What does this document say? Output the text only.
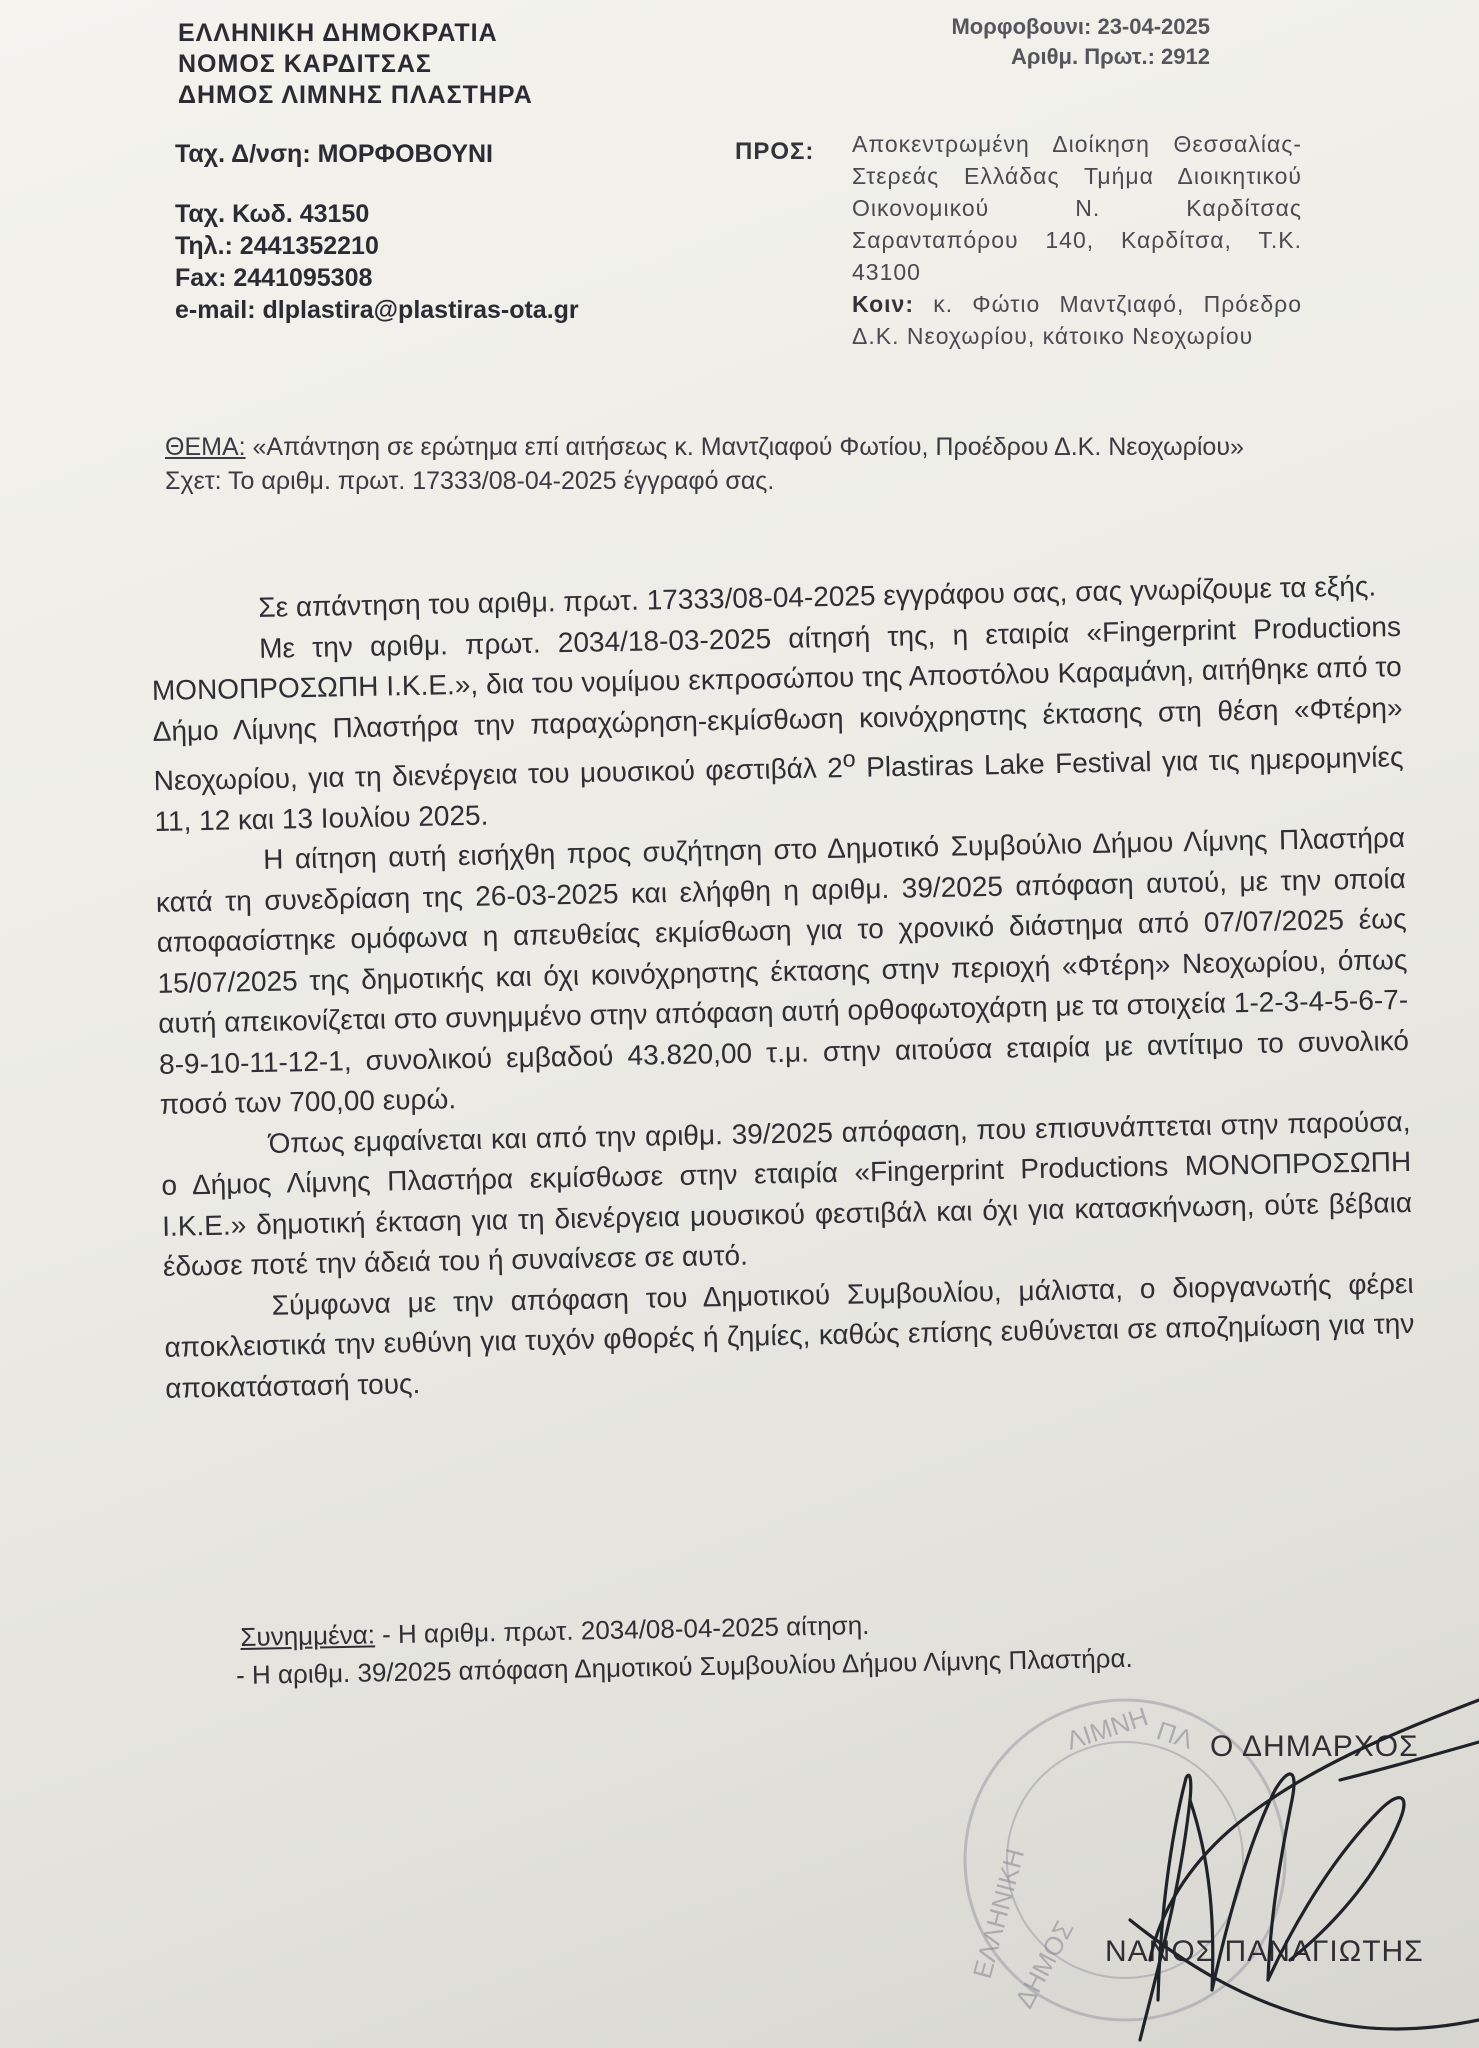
ΕΛΛΗΝΙΚΗ ΔΗΜΟΚΡΑΤΙΑ
ΝΟΜΟΣ ΚΑΡΔΙΤΣΑΣ
ΔΗΜΟΣ ΛΙΜΝΗΣ ΠΛΑΣΤΗΡΑ
Μορφοβουνι: 23-04-2025
Αριθμ. Πρωτ.: 2912
Ταχ. Δ/νση: ΜΟΡΦΟΒΟΥΝΙ
Ταχ. Κωδ. 43150
Τηλ.: 2441352210
Fax: 2441095308
e-mail: dlplastira@plastiras-ota.gr
ΠΡΟΣ: Αποκεντρωμένη Διοίκηση Θεσσαλίας-Στερεάς Ελλάδας Τμήμα Διοικητικού Οικονομικού Ν. Καρδίτσας Σαρανταπόρου 140, Καρδίτσα, Τ.Κ. 43100
Κοιν: κ. Φώτιο Μαντζιαφό, Πρόεδρο Δ.Κ. Νεοχωρίου, κάτοικο Νεοχωρίου
ΘΕΜΑ: «Απάντηση σε ερώτημα επί αιτήσεως κ. Μαντζιαφού Φωτίου, Προέδρου Δ.Κ. Νεοχωρίου»
Σχετ: Το αριθμ. πρωτ. 17333/08-04-2025 έγγραφό σας.

Σε απάντηση του αριθμ. πρωτ. 17333/08-04-2025 εγγράφου σας, σας γνωρίζουμε τα εξής.

Με την αριθμ. πρωτ. 2034/18-03-2025 αίτησή της, η εταιρία «Fingerprint Productions ΜΟΝΟΠΡΟΣΩΠΗ Ι.Κ.Ε.», δια του νομίμου εκπροσώπου της Αποστόλου Καραμάνη, αιτήθηκε από το Δήμο Λίμνης Πλαστήρα την παραχώρηση-εκμίσθωση κοινόχρηστης έκτασης στη θέση «Φτέρη» Νεοχωρίου, για τη διενέργεια του μουσικού φεστιβάλ $2^o$ Plastiras Lake Festival για τις ημερομηνίες 11, 12 και 13 Ιουλίου 2025.

Η αίτηση αυτή εισήχθη προς συζήτηση στο Δημοτικό Συμβούλιο Δήμου Λίμνης Πλαστήρα κατά τη συνεδρίαση της 26-03-2025 και ελήφθη η αριθμ. 39/2025 απόφαση αυτού, με την οποία αποφασίστηκε ομόφωνα η απευθείας εκμίσθωση για το χρονικό διάστημα από 07/07/2025 έως 15/07/2025 της δημοτικής και όχι κοινόχρηστης έκτασης στην περιοχή «Φτέρη» Νεοχωρίου, όπως αυτή απεικονίζεται στο συνημμένο στην απόφαση αυτή ορθοφωτοχάρτη με τα στοιχεία 1-2-3-4-5-6-7-8-9-10-11-12-1, συνολικού εμβαδού 43.820,00 τ.μ. στην αιτούσα εταιρία με αντίτιμο το συνολικό ποσό των 700,00 ευρώ.

Όπως εμφαίνεται και από την αριθμ. 39/2025 απόφαση, που επισυνάπτεται στην παρούσα, ο Δήμος Λίμνης Πλαστήρα εκμίσθωσε στην εταιρία «Fingerprint Productions ΜΟΝΟΠΡΟΣΩΠΗ Ι.Κ.Ε.» δημοτική έκταση για τη διενέργεια μουσικού φεστιβάλ και όχι για κατασκήνωση, ούτε βέβαια έδωσε ποτέ την άδειά του ή συναίνεσε σε αυτό.

Σύμφωνα με την απόφαση του Δημοτικού Συμβουλίου, μάλιστα, ο διοργανωτής φέρει αποκλειστικά την ευθύνη για τυχόν φθορές ή ζημίες, καθώς επίσης ευθύνεται σε αποζημίωση για την αποκατάστασή τους.

Συνημμένα: - Η αριθμ. πρωτ. 2034/08-04-2025 αίτηση.
- Η αριθμ. 39/2025 απόφαση Δημοτικού Συμβουλίου Δήμου Λίμνης Πλαστήρα.
ΕΛΛΗΝΙΚΗ
ΔΗΜΟΣ
ΛΙΜΝΗ ΠΛ Ο ΔΗΜΑΡΧΟΣ
ΝΑΝΟΣ ΠΑΝΑΓΙΩΤΗΣ
